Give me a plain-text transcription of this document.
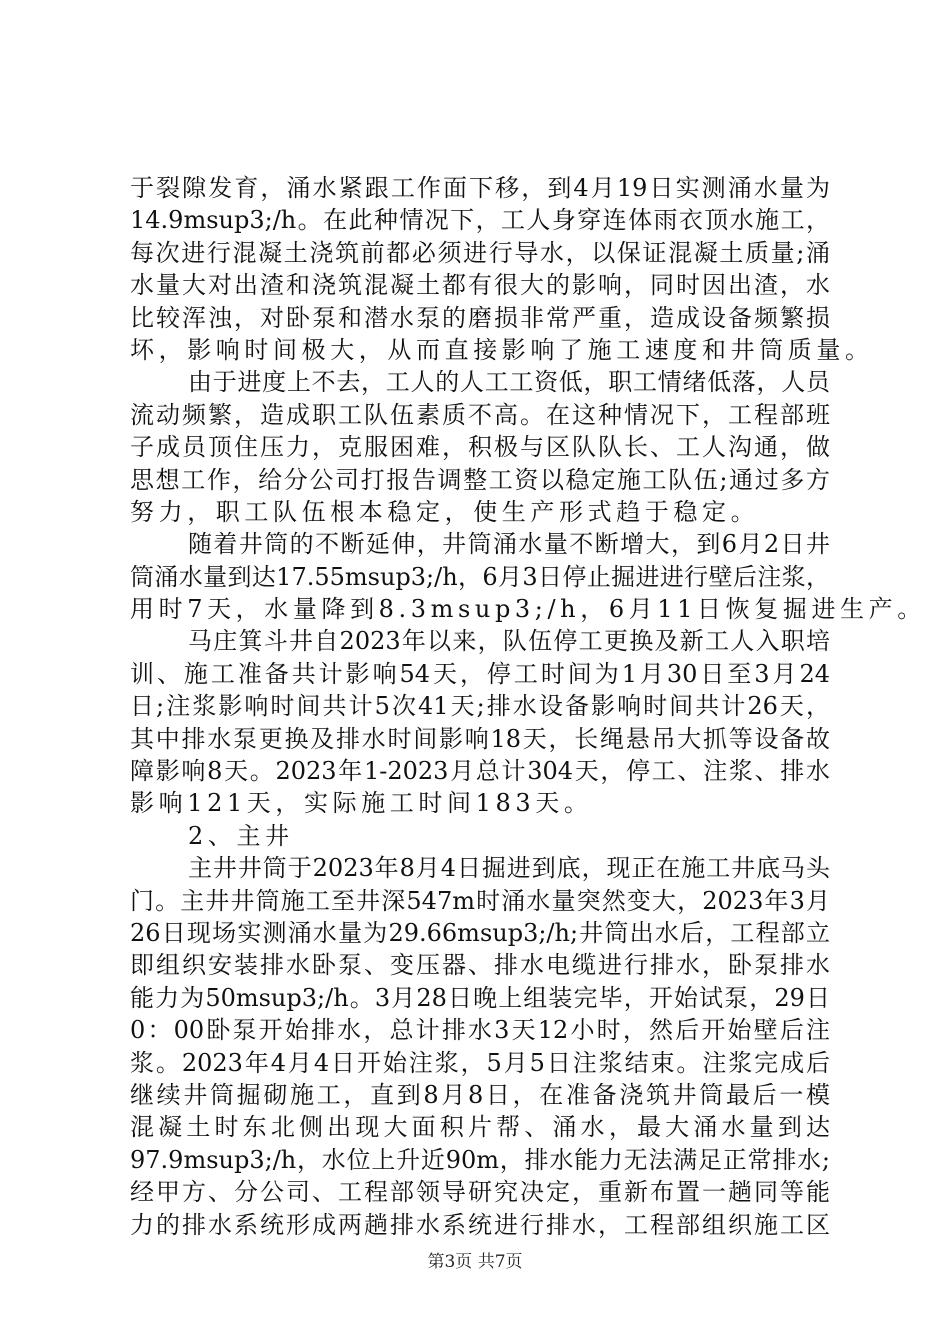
于裂隙发育，涌水紧跟工作面下移，到4月19日实测涌水量为
14.9msup3;/h。在此种情况下，工人身穿连体雨衣顶水施工，
每次进行混凝土浇筑前都必须进行导水，以保证混凝土质量;涌
水量大对出渣和浇筑混凝土都有很大的影响，同时因出渣，水
比较浑浊，对卧泵和潜水泵的磨损非常严重，造成设备频繁损
坏，影响时间极大，从而直接影响了施工速度和井筒质量。
由于进度上不去，工人的人工工资低，职工情绪低落，人员
流动频繁，造成职工队伍素质不高。在这种情况下，工程部班
子成员顶住压力，克服困难，积极与区队队长、工人沟通，做
思想工作，给分公司打报告调整工资以稳定施工队伍;通过多方
努力，职工队伍根本稳定，使生产形式趋于稳定。
随着井筒的不断延伸，井筒涌水量不断增大，到6月2日井
筒涌水量到达17.55msup3;/h，6月3日停止掘进进行壁后注浆，
用时7天，水量降到8.3msup3;/h，6月11日恢复掘进生产。
马庄箕斗井自2023年以来，队伍停工更换及新工人入职培
训、施工准备共计影响54天，停工时间为1月30日至3月24
日;注浆影响时间共计5次41天;排水设备影响时间共计26天，
其中排水泵更换及排水时间影响18天，长绳悬吊大抓等设备故
障影响8天。2023年1-2023月总计304天，停工、注浆、排水
影响121天，实际施工时间183天。
2、主井
主井井筒于2023年8月4日掘进到底，现正在施工井底马头
门。主井井筒施工至井深547m时涌水量突然变大，2023年3月
26日现场实测涌水量为29.66msup3;/h;井筒出水后，工程部立
即组织安装排水卧泵、变压器、排水电缆进行排水，卧泵排水
能力为50msup3;/h。3月28日晚上组装完毕，开始试泵，29日
0：00卧泵开始排水，总计排水3天12小时，然后开始壁后注
浆。2023年4月4日开始注浆，5月5日注浆结束。注浆完成后
继续井筒掘砌施工，直到8月8日，在准备浇筑井筒最后一模
混凝土时东北侧出现大面积片帮、涌水，最大涌水量到达
97.9msup3;/h，水位上升近90m，排水能力无法满足正常排水;
经甲方、分公司、工程部领导研究决定，重新布置一趟同等能
力的排水系统形成两趟排水系统进行排水，工程部组织施工区
第3页 共7页
